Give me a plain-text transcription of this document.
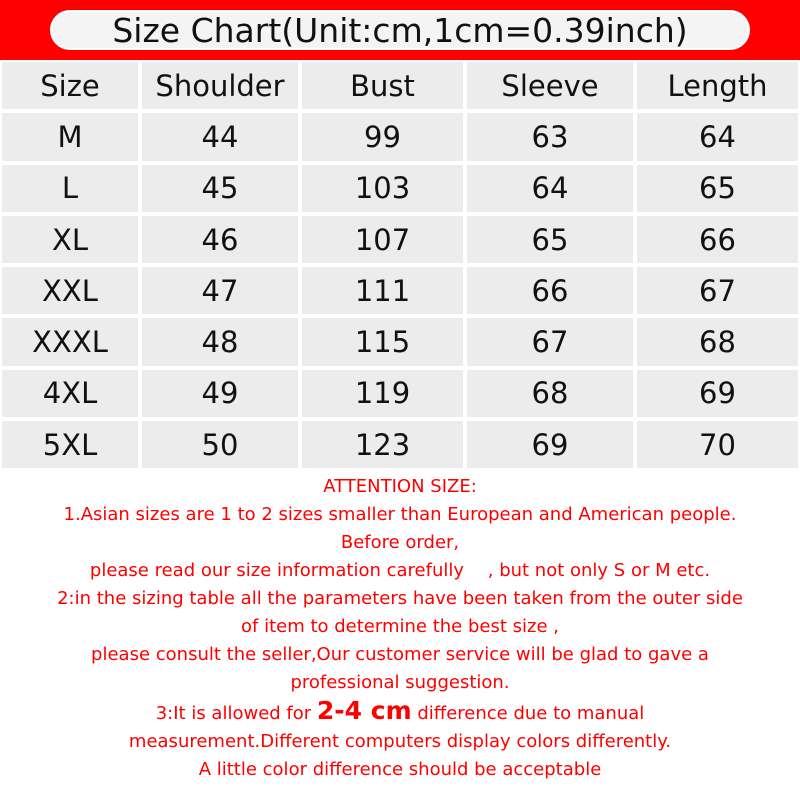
Size Chart(Unit:cm,1cm=0.39inch)
Size	Shoulder	Bust	Sleeve	Length
M	44	99	63	64
L	45	103	64	65
XL	46	107	65	66
XXL	47	111	66	67
XXXL	48	115	67	68
4XL	49	119	68	69
5XL	50	123	69	70
ATTENTION SIZE:
1.Asian sizes are 1 to 2 sizes smaller than European and American people.
Before order,
please read our size information carefully 　, but not only S or M etc.
2:in the sizing table all the parameters have been taken from the outer side
of item to determine the best size ,
please consult the seller,Our customer service will be glad to gave a
professional suggestion.
3:It is allowed for 2-4 cm difference due to manual
measurement.Different computers display colors differently.
A little color difference should be acceptable
